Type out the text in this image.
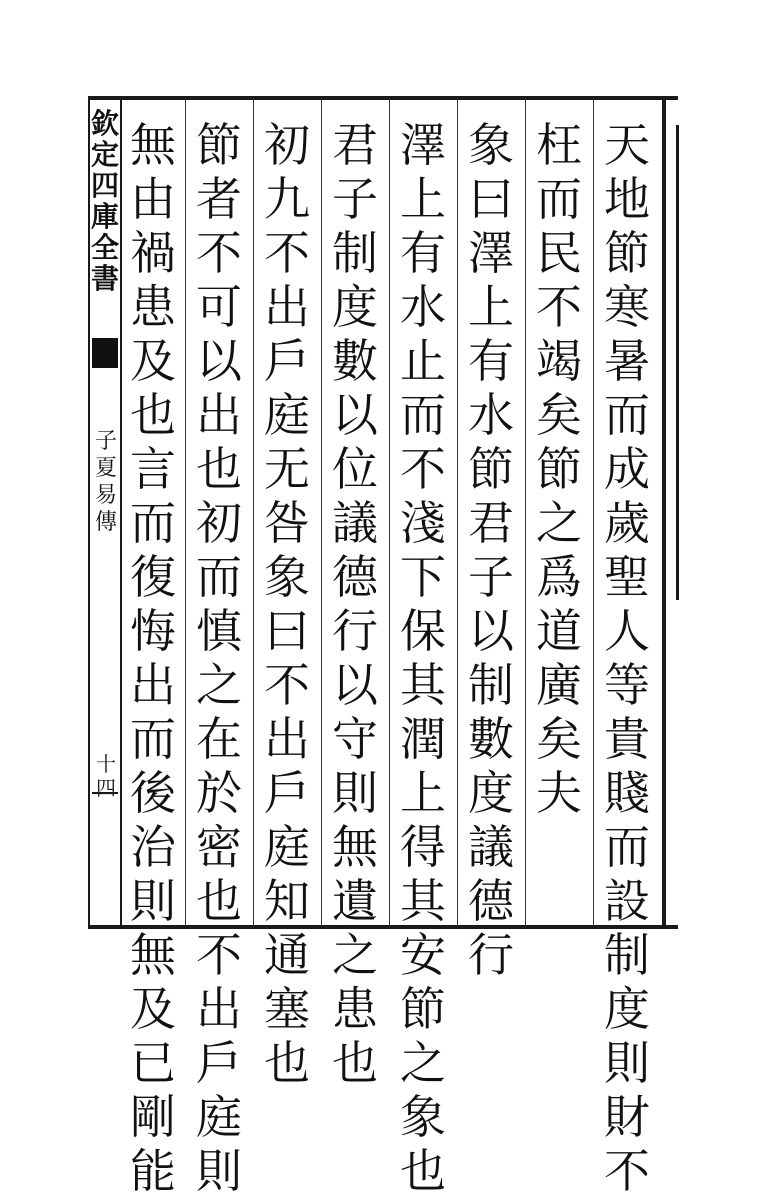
欽定四庫全書
子夏易傳
十四
天地節寒暑而成歲聖人等貴賤而設制度則財不
枉而民不竭矣節之爲道廣矣夫
象曰澤上有水節君子以制數度議德行
澤上有水止而不淺下保其潤上得其安節之象也
君子制度數以位議德行以守則無遺之患也
初九不出戶庭无咎象曰不出戶庭知通塞也
節者不可以出也初而慎之在於密也不出戶庭則
無由禍患及也言而復悔出而後治則無及已剛能
